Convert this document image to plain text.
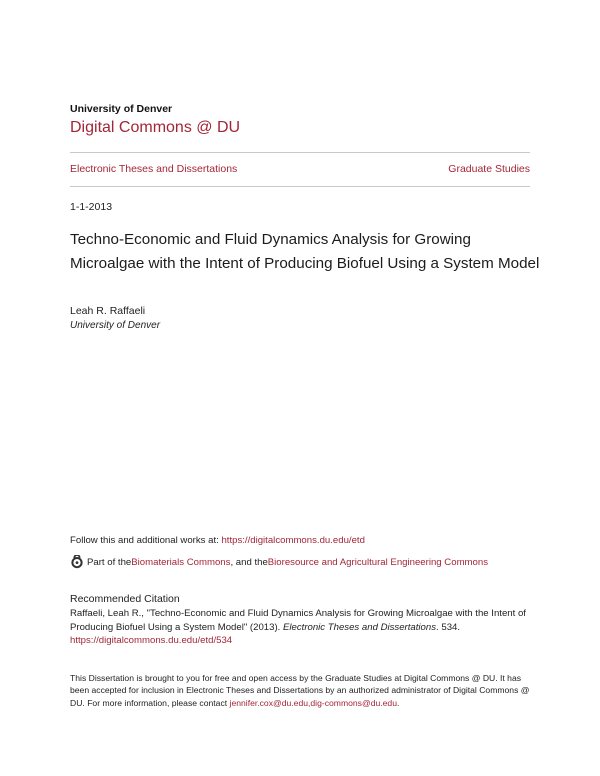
University of Denver
Digital Commons @ DU
Electronic Theses and Dissertations	Graduate Studies
1-1-2013
Techno-Economic and Fluid Dynamics Analysis for Growing Microalgae with the Intent of Producing Biofuel Using a System Model
Leah R. Raffaeli
University of Denver
Follow this and additional works at: https://digitalcommons.du.edu/etd
Part of the Biomaterials Commons , and the Bioresource and Agricultural Engineering Commons
Recommended Citation
Raffaeli, Leah R., "Techno-Economic and Fluid Dynamics Analysis for Growing Microalgae with the Intent of Producing Biofuel Using a System Model" (2013). Electronic Theses and Dissertations. 534.
https://digitalcommons.du.edu/etd/534
This Dissertation is brought to you for free and open access by the Graduate Studies at Digital Commons @ DU. It has been accepted for inclusion in Electronic Theses and Dissertations by an authorized administrator of Digital Commons @ DU. For more information, please contact jennifer.cox@du.edu,dig-commons@du.edu.
